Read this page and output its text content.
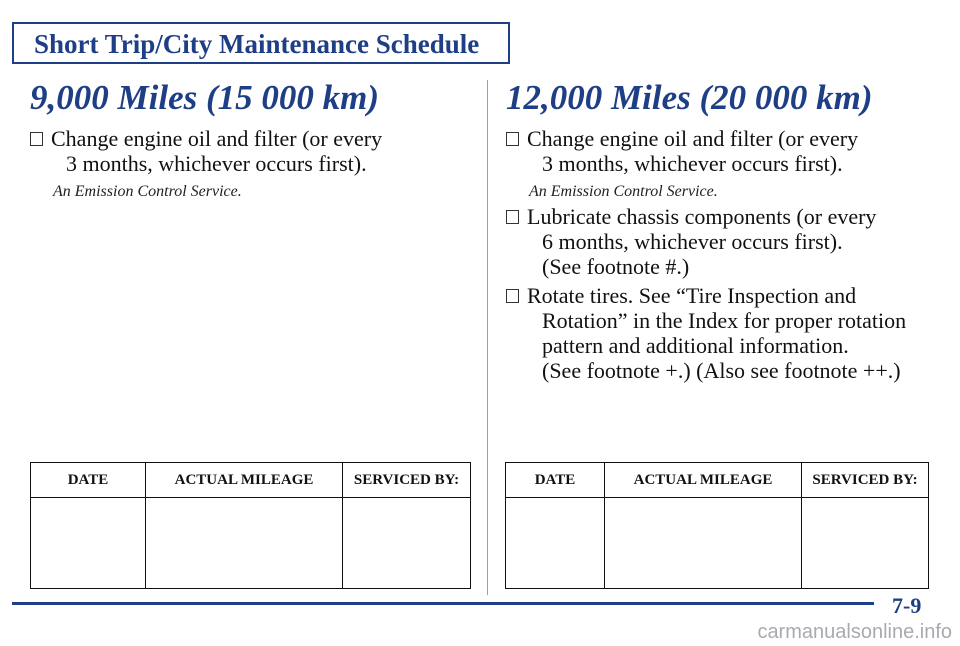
Short Trip/City Maintenance Schedule
9,000 Miles (15 000 km)
Change engine oil and filter (or every
3 months, whichever occurs first).
An Emission Control Service.
12,000 Miles (20 000 km)
Change engine oil and filter (or every
3 months, whichever occurs first).
An Emission Control Service.
Lubricate chassis components (or every
6 months, whichever occurs first).
(See footnote #.)
Rotate tires. See “Tire Inspection and
Rotation” in the Index for proper rotation
pattern and additional information.
(See footnote +.) (Also see footnote ++.)
DATE	ACTUAL MILEAGE	SERVICED BY:
			DATE	ACTUAL MILEAGE	SERVICED BY:

7-9
carmanualsonline.info
